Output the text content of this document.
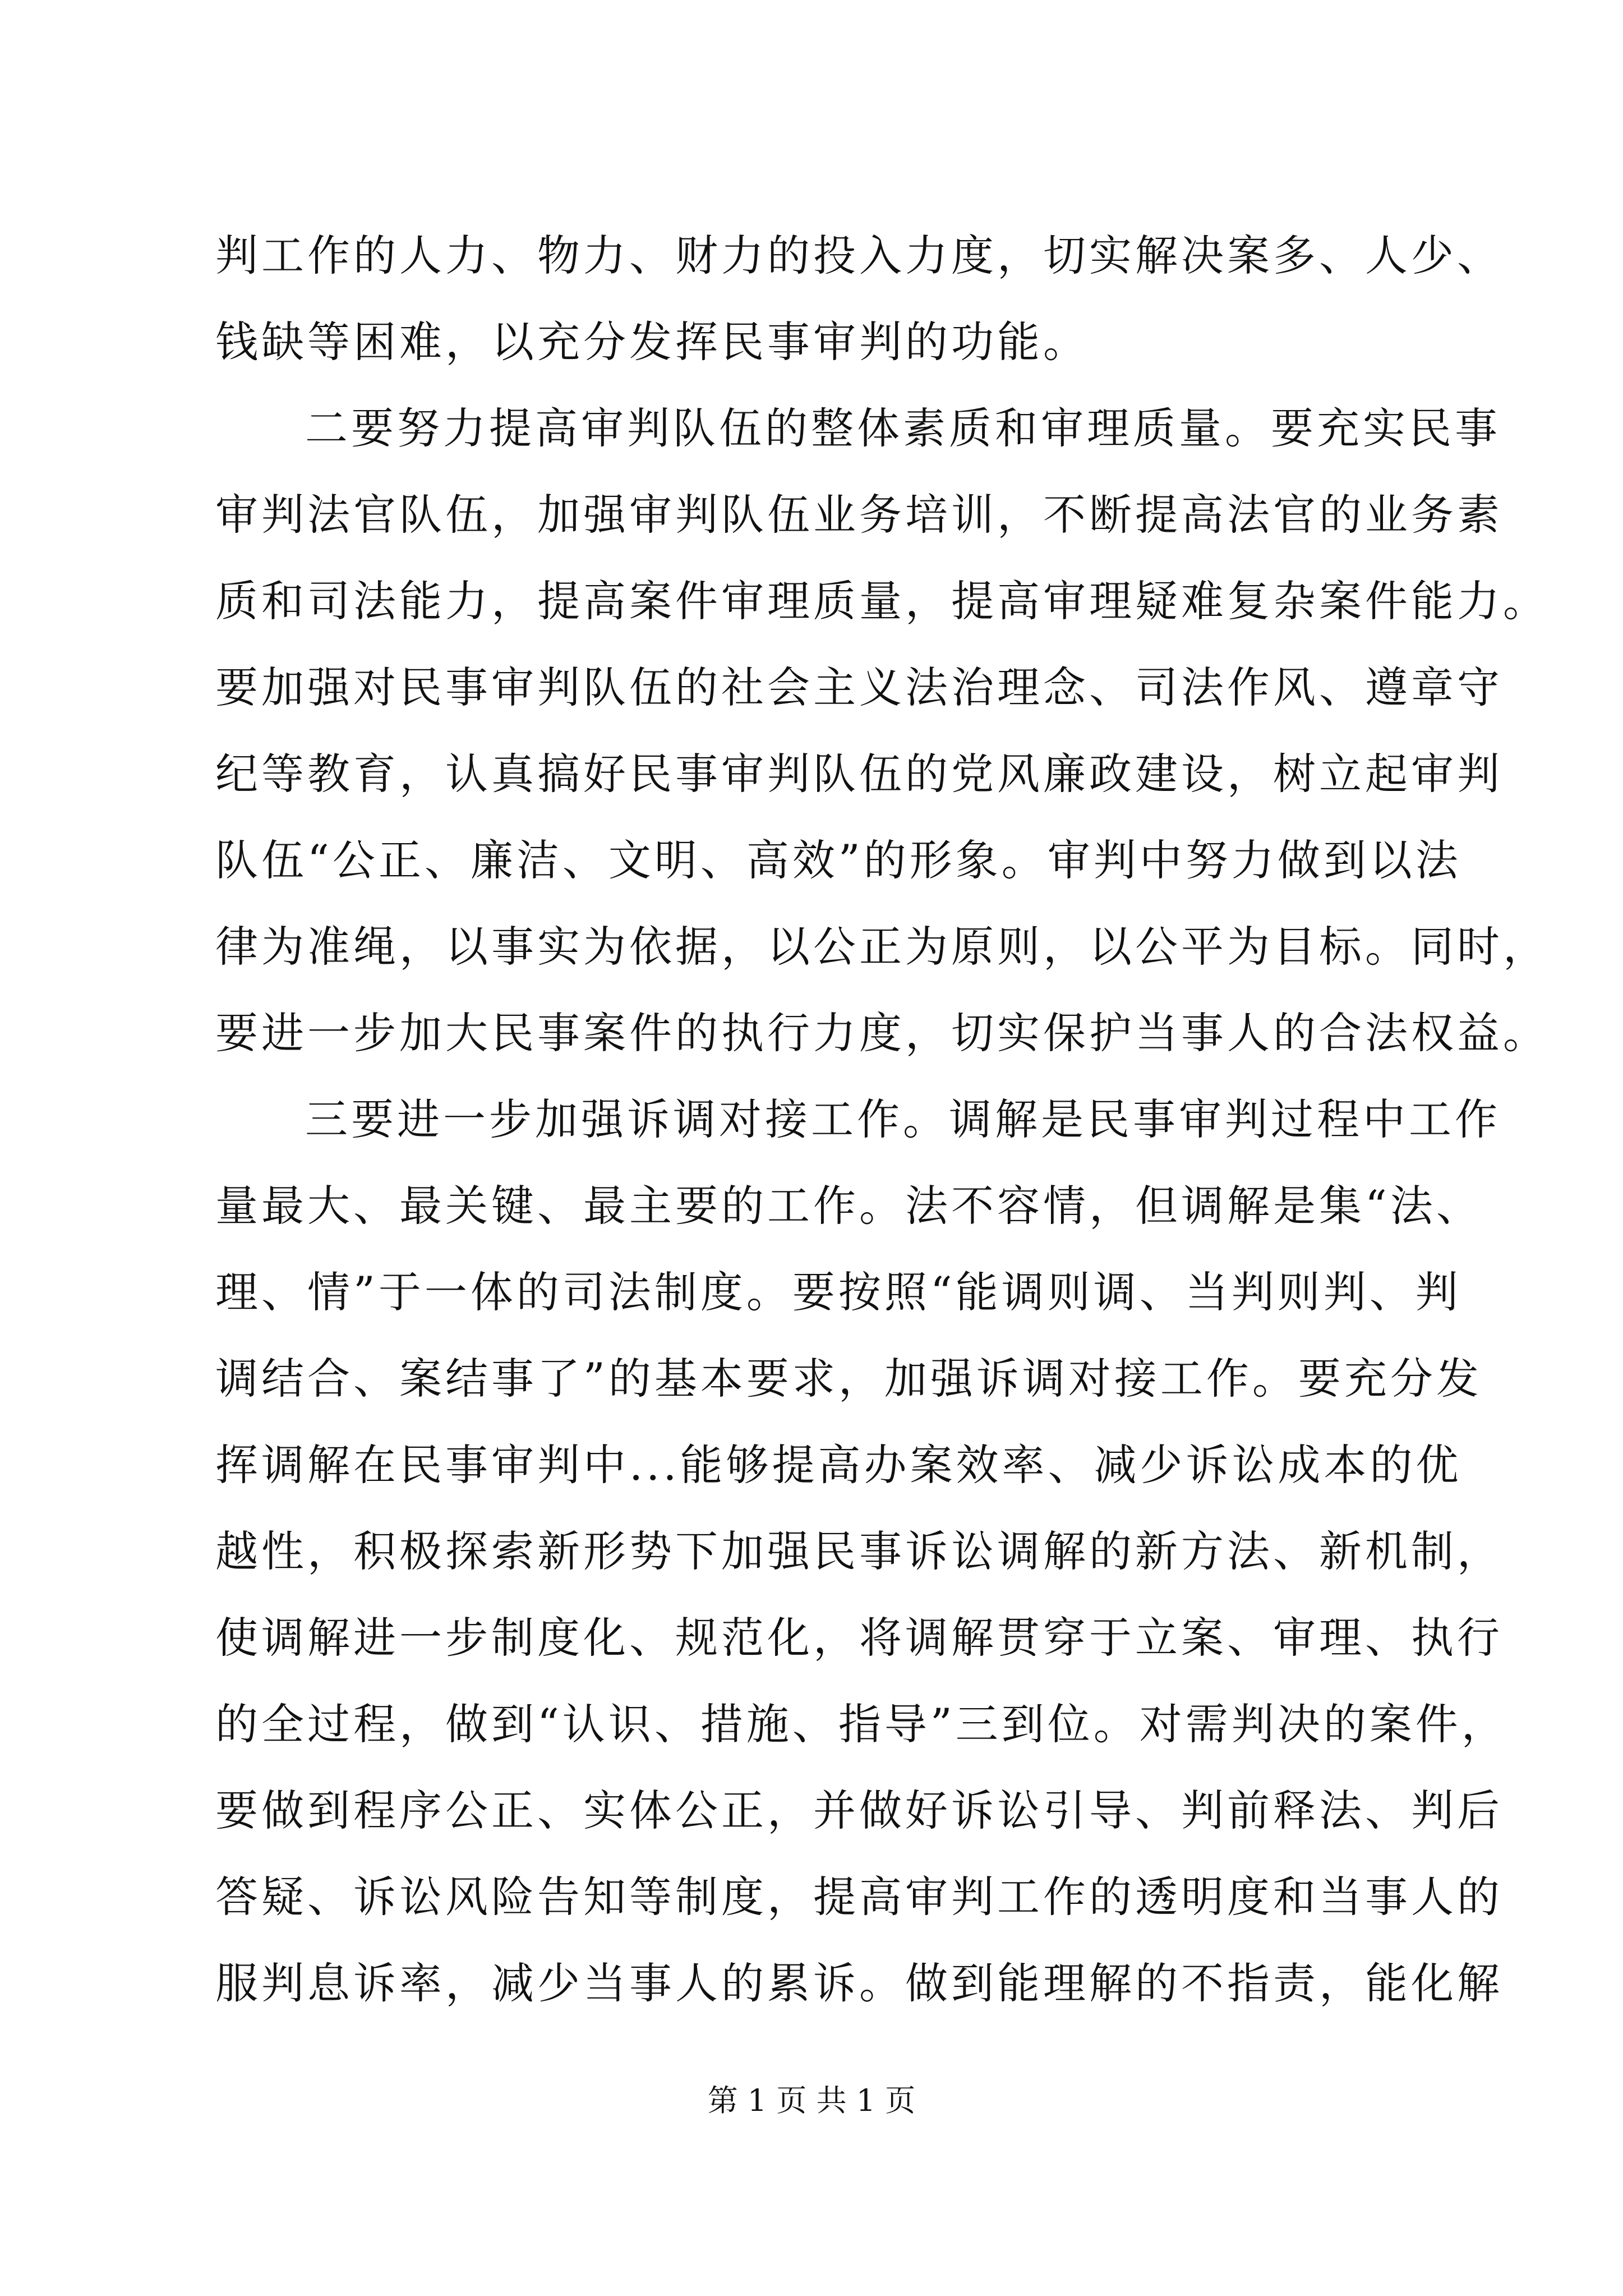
判工作的人力、物力、财力的投入力度，切实解决案多、人少、
钱缺等困难，以充分发挥民事审判的功能。
二要努力提高审判队伍的整体素质和审理质量。要充实民事
审判法官队伍，加强审判队伍业务培训，不断提高法官的业务素
质和司法能力，提高案件审理质量，提高审理疑难复杂案件能力。
要加强对民事审判队伍的社会主义法治理念、司法作风、遵章守
纪等教育，认真搞好民事审判队伍的党风廉政建设，树立起审判
队伍“公正、廉洁、文明、高效”的形象。审判中努力做到以法
律为准绳，以事实为依据，以公正为原则，以公平为目标。同时，
要进一步加大民事案件的执行力度，切实保护当事人的合法权益。
三要进一步加强诉调对接工作。调解是民事审判过程中工作
量最大、最关键、最主要的工作。法不容情，但调解是集“法、
理、情”于一体的司法制度。要按照“能调则调、当判则判、判
调结合、案结事了”的基本要求，加强诉调对接工作。要充分发
挥调解在民事审判中...能够提高办案效率、减少诉讼成本的优
越性，积极探索新形势下加强民事诉讼调解的新方法、新机制，
使调解进一步制度化、规范化，将调解贯穿于立案、审理、执行
的全过程，做到“认识、措施、指导”三到位。对需判决的案件，
要做到程序公正、实体公正，并做好诉讼引导、判前释法、判后
答疑、诉讼风险告知等制度，提高审判工作的透明度和当事人的
服判息诉率，减少当事人的累诉。做到能理解的不指责，能化解
第 1 页 共 1 页
